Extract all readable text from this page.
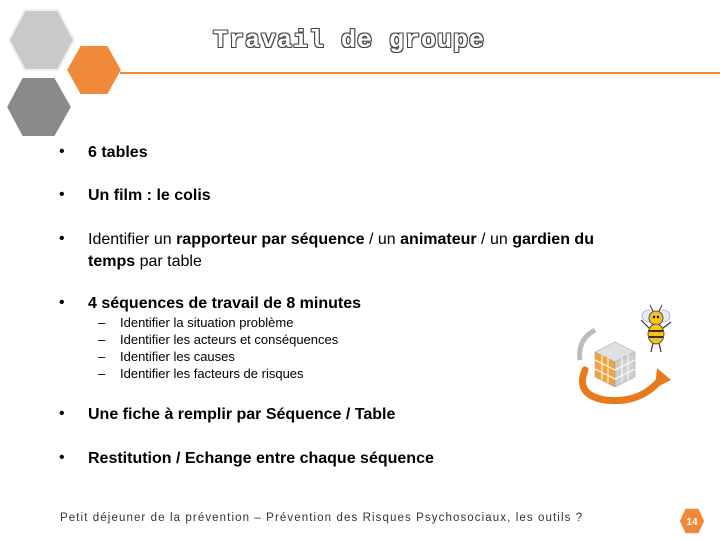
Travail de groupe
• 6 tables
• Un film : le colis
• Identifier un rapporteur par séquence / un animateur / un gardien du
temps par table
• 4 séquences de travail de 8 minutes
– Identifier la situation problème
– Identifier les acteurs et conséquences
– Identifier les causes
– Identifier les facteurs de risques
• Une fiche à remplir par Séquence / Table
• Restitution / Echange entre chaque séquence
Petit déjeuner de la prévention – Prévention des Risques Psychosociaux, les outils ?	14
